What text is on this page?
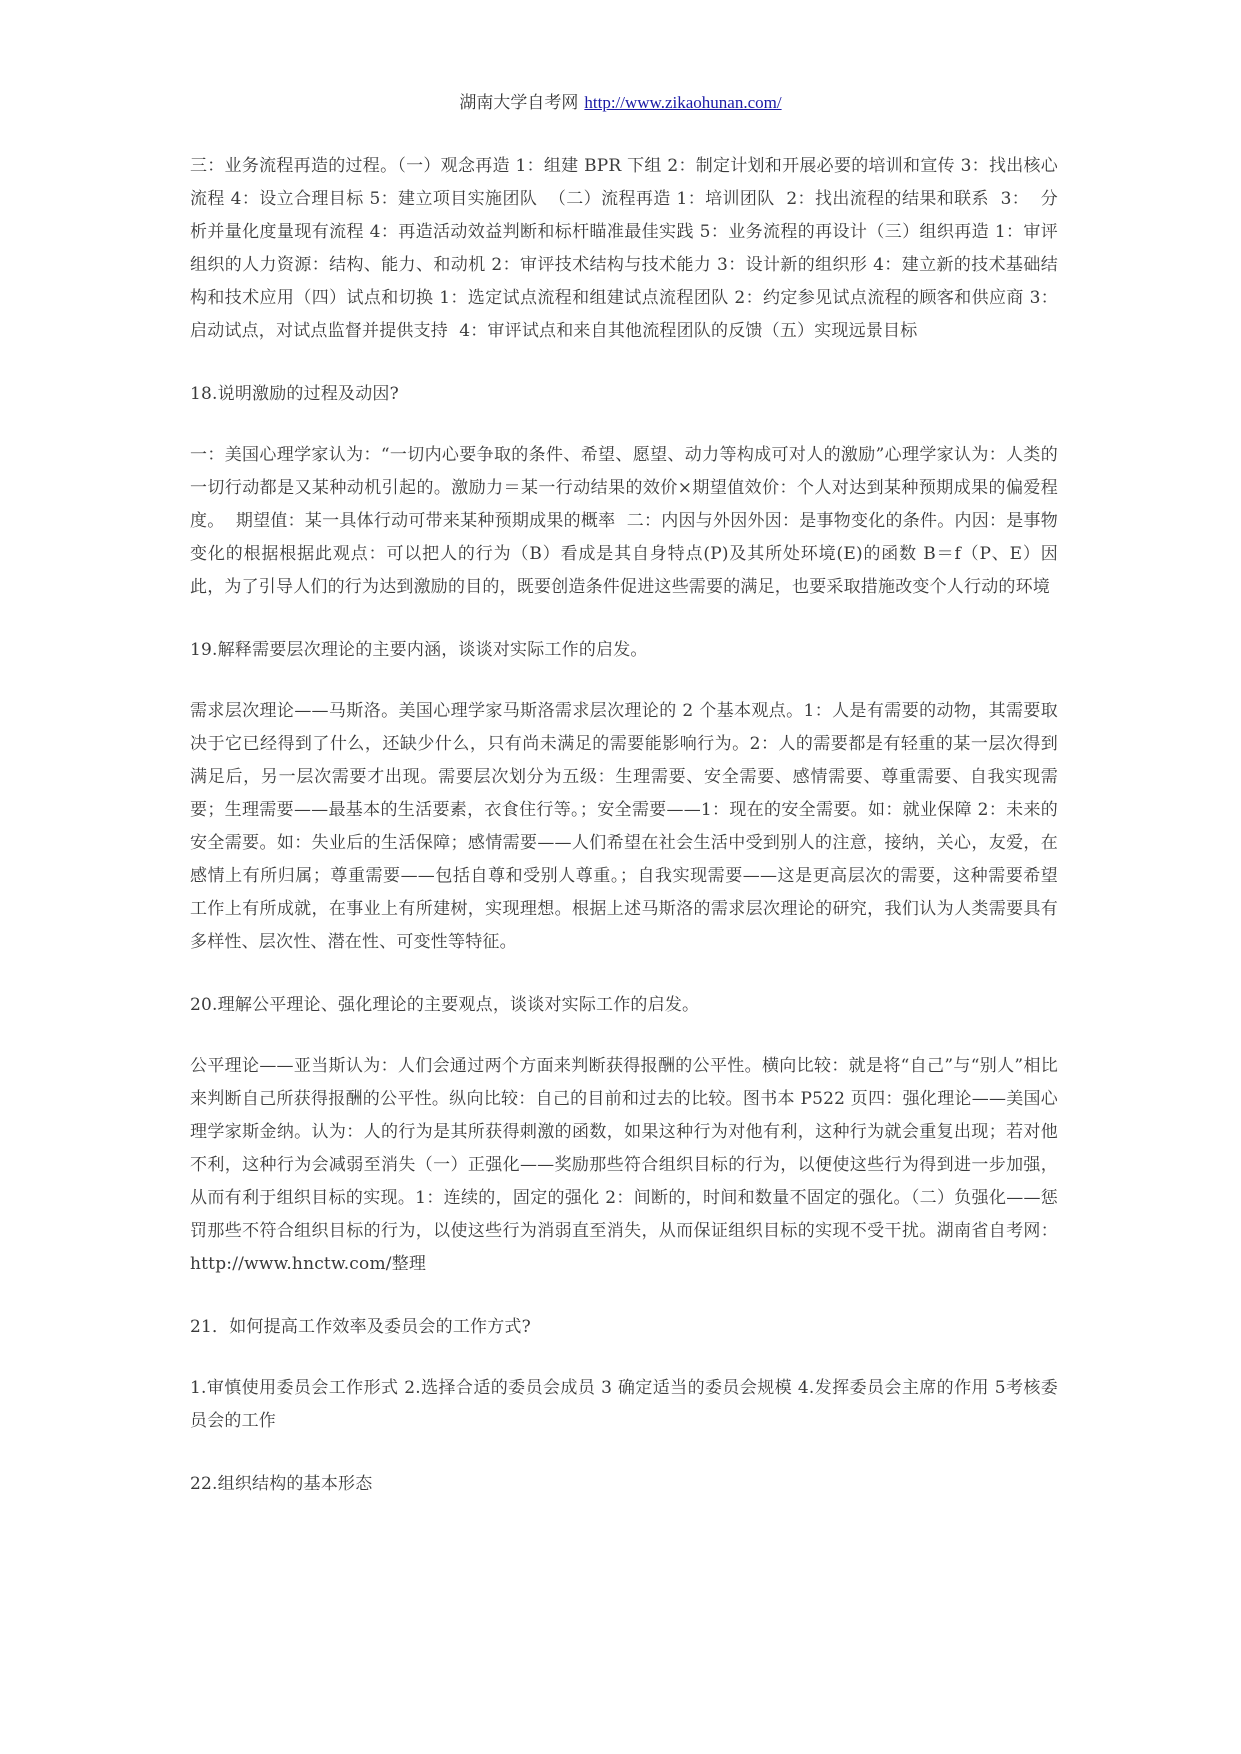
湖南大学自考网 http://www.zikaohunan.com/

三：业务流程再造的过程。（一）观念再造 1：组建 BPR 下组 2：制定计划和开展必要的培训和宣传 3：找出核心流程 4：设立合理目标 5：建立项目实施团队  （二）流程再造 1：培训团队  2：找出流程的结果和联系  3：  分析并量化度量现有流程 4：再造活动效益判断和标杆瞄准最佳实践 5：业务流程的再设计（三）组织再造 1：审评组织的人力资源：结构、能力、和动机 2：审评技术结构与技术能力 3：设计新的组织形 4：建立新的技术基础结构和技术应用（四）试点和切换 1：选定试点流程和组建试点流程团队 2：约定参见试点流程的顾客和供应商 3：启动试点，对试点监督并提供支持  4：审评试点和来自其他流程团队的反馈（五）实现远景目标

18.说明激励的过程及动因?

一：美国心理学家认为：“一切内心要争取的条件、希望、愿望、动力等构成可对人的激励”心理学家认为：人类的一切行动都是又某种动机引起的。激励力＝某一行动结果的效价×期望值效价：个人对达到某种预期成果的偏爱程度。  期望值：某一具体行动可带来某种预期成果的概率  二：内因与外因外因：是事物变化的条件。内因：是事物变化的根据根据此观点：可以把人的行为（B）看成是其自身特点(P)及其所处环境(E)的函数 B＝f（P、E）因此，为了引导人们的行为达到激励的目的，既要创造条件促进这些需要的满足，也要采取措施改变个人行动的环境

19.解释需要层次理论的主要内涵，谈谈对实际工作的启发。

需求层次理论——马斯洛。美国心理学家马斯洛需求层次理论的 2 个基本观点。1：人是有需要的动物，其需要取决于它已经得到了什么，还缺少什么，只有尚未满足的需要能影响行为。2：人的需要都是有轻重的某一层次得到满足后，另一层次需要才出现。需要层次划分为五级：生理需要、安全需要、感情需要、尊重需要、自我实现需要；生理需要——最基本的生活要素，衣食住行等。；安全需要——1：现在的安全需要。如：就业保障 2：未来的安全需要。如：失业后的生活保障；感情需要——人们希望在社会生活中受到别人的注意，接纳，关心，友爱，在感情上有所归属；尊重需要——包括自尊和受别人尊重。；自我实现需要——这是更高层次的需要，这种需要希望工作上有所成就，在事业上有所建树，实现理想。根据上述马斯洛的需求层次理论的研究，我们认为人类需要具有多样性、层次性、潜在性、可变性等特征。

20.理解公平理论、强化理论的主要观点，谈谈对实际工作的启发。

公平理论——亚当斯认为：人们会通过两个方面来判断获得报酬的公平性。横向比较：就是将“自己”与“别人”相比来判断自己所获得报酬的公平性。纵向比较：自己的目前和过去的比较。图书本 P522 页四：强化理论——美国心理学家斯金纳。认为：人的行为是其所获得刺激的函数，如果这种行为对他有利，这种行为就会重复出现；若对他不利，这种行为会减弱至消失（一）正强化——奖励那些符合组织目标的行为，以便使这些行为得到进一步加强，从而有利于组织目标的实现。1：连续的，固定的强化 2：间断的，时间和数量不固定的强化。（二）负强化——惩罚那些不符合组织目标的行为，以使这些行为消弱直至消失，从而保证组织目标的实现不受干扰。湖南省自考网：http://www.hnctw.com/整理

21．如何提高工作效率及委员会的工作方式?

1.审慎使用委员会工作形式 2.选择合适的委员会成员 3 确定适当的委员会规模 4.发挥委员会主席的作用 5考核委员会的工作

22.组织结构的基本形态
